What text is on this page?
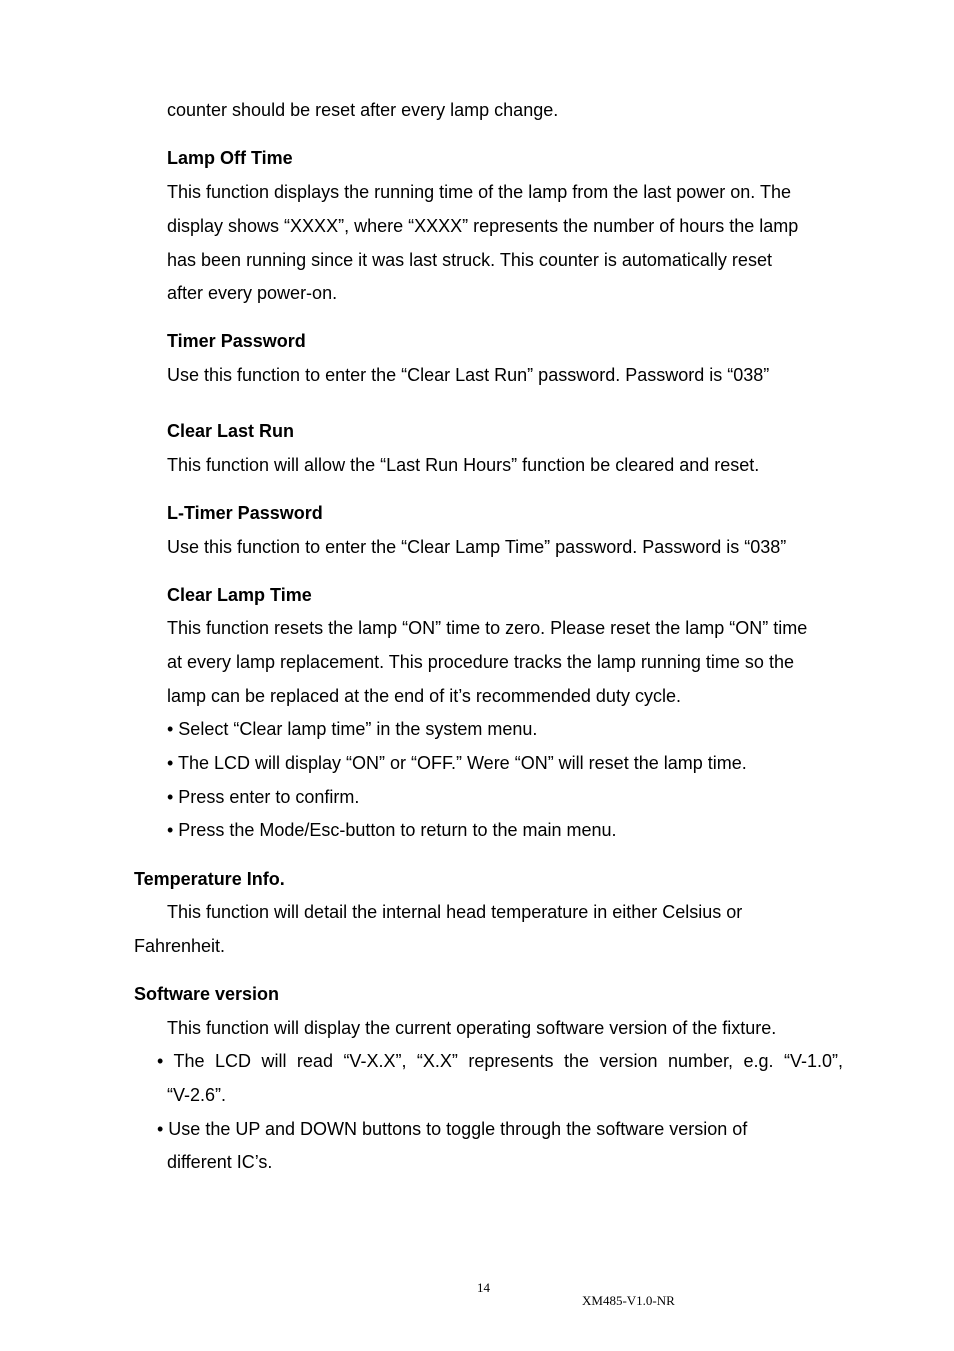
counter should be reset after every lamp change.
Lamp Off Time
This function displays the running time of the lamp from the last power on. The
display shows “XXXX”, where “XXXX” represents the number of hours the lamp
has been running since it was last struck. This counter is automatically reset
after every power-on.
Timer Password
Use this function to enter the “Clear Last Run” password. Password is “038”
Clear Last Run
This function will allow the “Last Run Hours” function be cleared and reset.
L-Timer Password
Use this function to enter the “Clear Lamp Time” password. Password is “038”
Clear Lamp Time
This function resets the lamp “ON” time to zero. Please reset the lamp “ON” time
at every lamp replacement. This procedure tracks the lamp running time so the
lamp can be replaced at the end of it’s recommended duty cycle.
• Select “Clear lamp time” in the system menu.
• The LCD will display “ON” or “OFF.” Were “ON” will reset the lamp time.
• Press enter to confirm.
• Press the Mode/Esc-button to return to the main menu.
Temperature Info.
This function will detail the internal head temperature in either Celsius or
Fahrenheit.
Software version
This function will display the current operating software version of the fixture.
• The LCD will read “V-X.X”, “X.X” represents the version number, e.g. “V-1.0”,
“V-2.6”.
• Use the UP and DOWN buttons to toggle through the software version of
different IC’s.
14
XM485-V1.0-NR
